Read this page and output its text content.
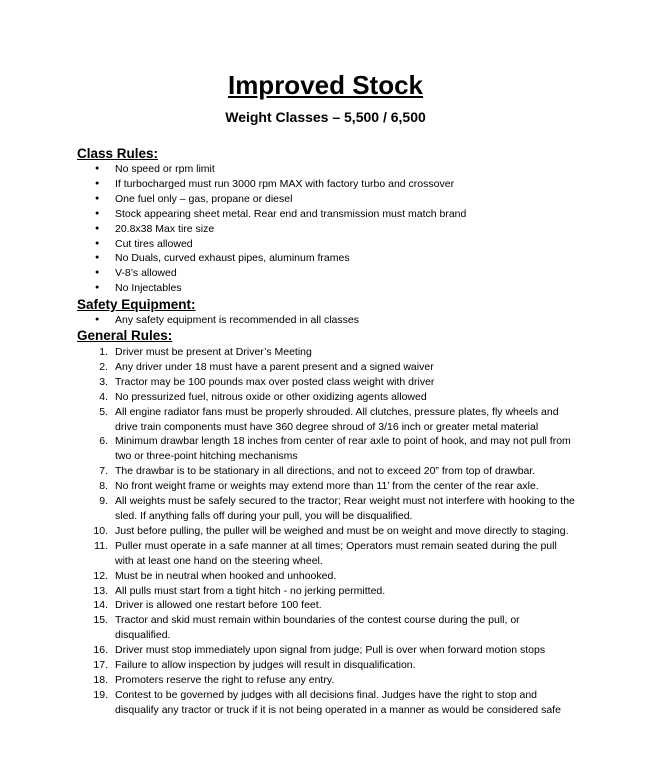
Improved Stock
Weight Classes – 5,500 / 6,500
Class Rules:
● No speed or rpm limit
● If turbocharged must run 3000 rpm MAX with factory turbo and crossover
● One fuel only – gas, propane or diesel
● Stock appearing sheet metal. Rear end and transmission must match brand
● 20.8x38 Max tire size
● Cut tires allowed
● No Duals, curved exhaust pipes, aluminum frames
● V-8’s allowed
● No Injectables
Safety Equipment:
● Any safety equipment is recommended in all classes
General Rules:
1. Driver must be present at Driver’s Meeting
2. Any driver under 18 must have a parent present and a signed waiver
3. Tractor may be 100 pounds max over posted class weight with driver
4. No pressurized fuel, nitrous oxide or other oxidizing agents allowed
5. All engine radiator fans must be properly shrouded. All clutches, pressure plates, fly wheels and drive train components must have 360 degree shroud of 3/16 inch or greater metal material
6. Minimum drawbar length 18 inches from center of rear axle to point of hook, and may not pull from two or three-point hitching mechanisms
7. The drawbar is to be stationary in all directions, and not to exceed 20” from top of drawbar.
8. No front weight frame or weights may extend more than 11’ from the center of the rear axle.
9. All weights must be safely secured to the tractor; Rear weight must not interfere with hooking to the sled. If anything falls off during your pull, you will be disqualified.
10. Just before pulling, the puller will be weighed and must be on weight and move directly to staging.
11. Puller must operate in a safe manner at all times; Operators must remain seated during the pull with at least one hand on the steering wheel.
12. Must be in neutral when hooked and unhooked.
13. All pulls must start from a tight hitch - no jerking permitted.
14. Driver is allowed one restart before 100 feet.
15. Tractor and skid must remain within boundaries of the contest course during the pull, or disqualified.
16. Driver must stop immediately upon signal from judge; Pull is over when forward motion stops
17. Failure to allow inspection by judges will result in disqualification.
18. Promoters reserve the right to refuse any entry.
19. Contest to be governed by judges with all decisions final. Judges have the right to stop and disqualify any tractor or truck if it is not being operated in a manner as would be considered safe
